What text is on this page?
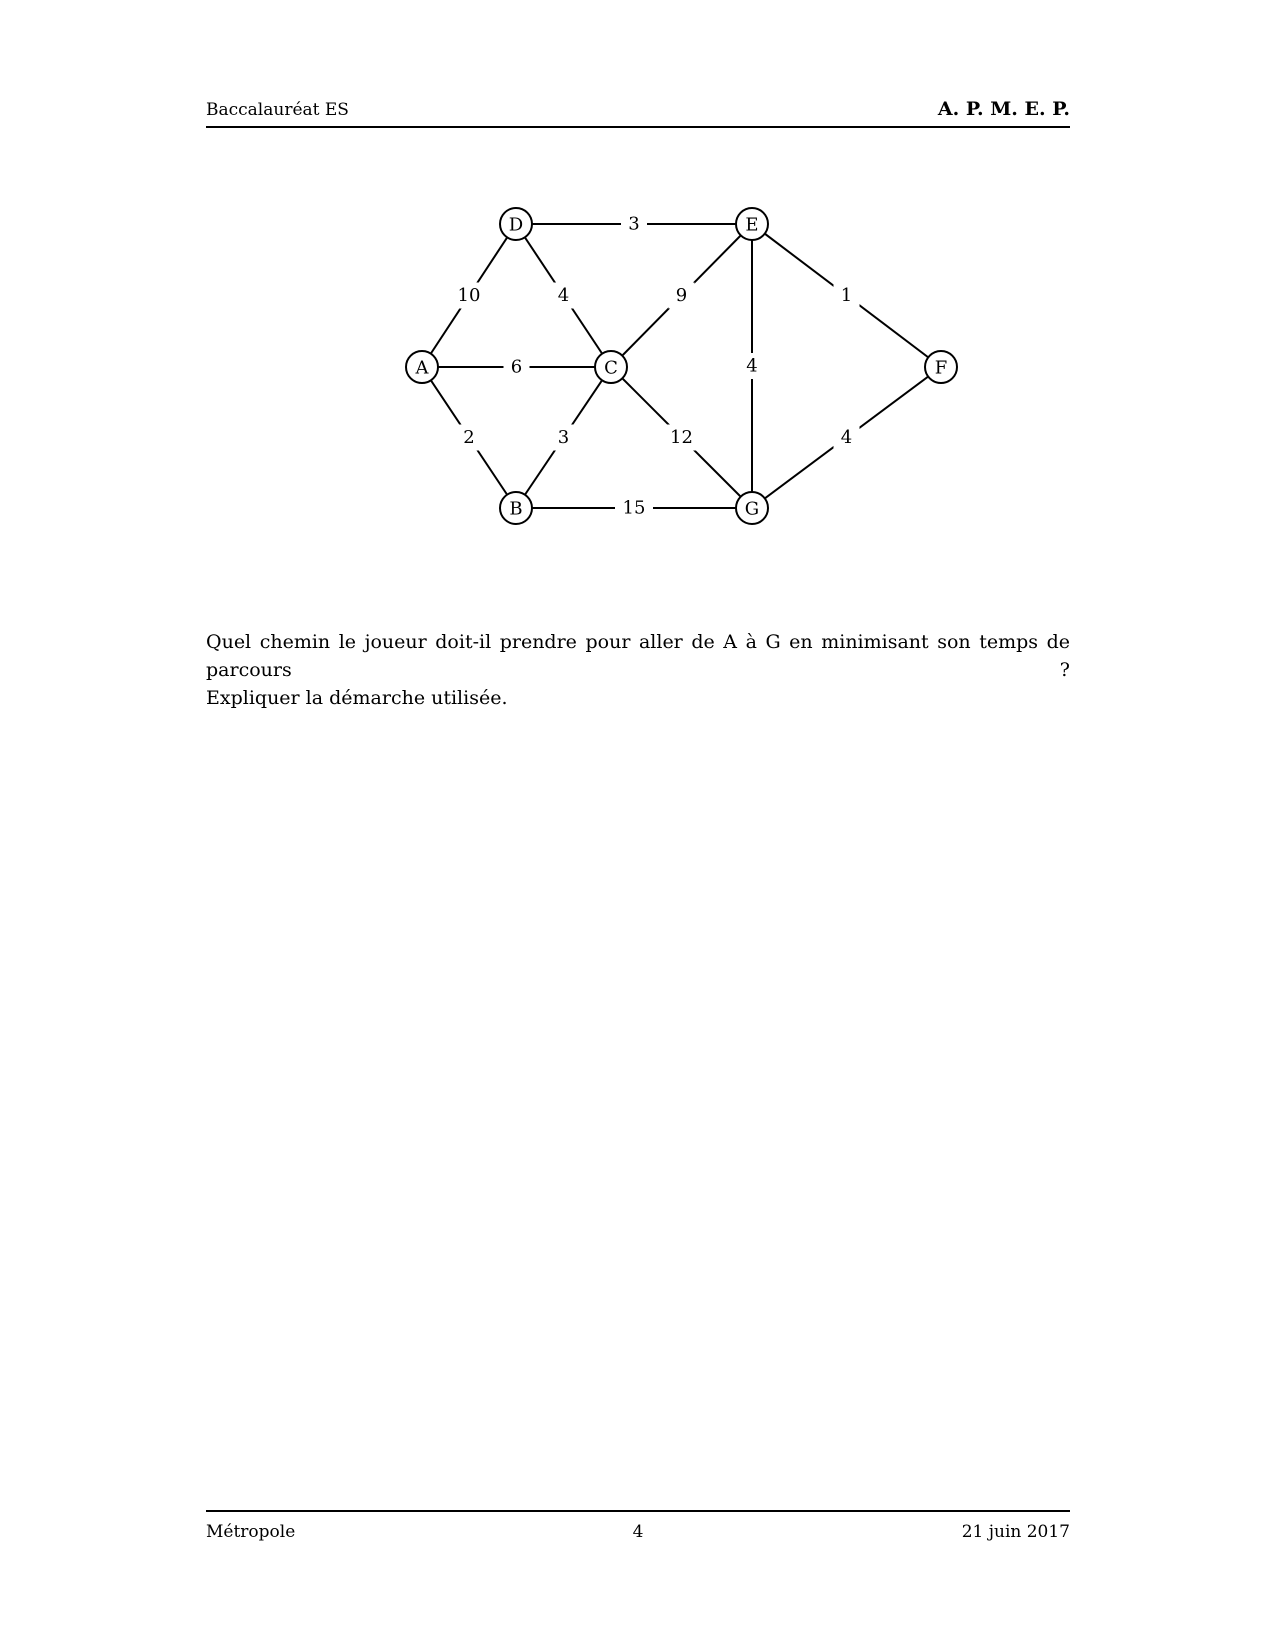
Baccalauréat ES	A. P. M. E. P.
3
10	4	9	1
6	4
2	3	12	4
15
A
B
C
D	E
F
G

Quel chemin le joueur doit-il prendre pour aller de A à G en minimisant son temps de parcours ?

Expliquer la démarche utilisée.

Métropole	4	21 juin 2017
